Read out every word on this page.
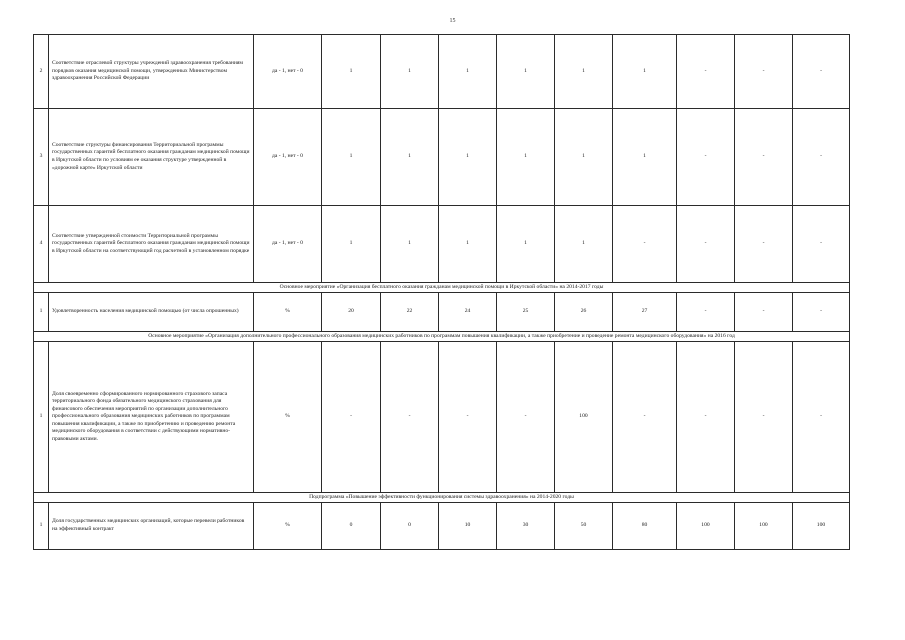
15
2	Соответствие отраслевой структуры учреждений здравоохранения требованиям порядков оказания медицинской помощи, утвержденных Министерством здравоохранения Российской Федерации	да - 1, нет - 0	1	1	1	1	1	1	-	-	-
3	Соответствие структуры финансирования Территориальной программы государственных гарантий бесплатного оказания гражданам медицинской помощи в Иркутской области по условиям ее оказания структуре утвержденной в «дорожной карте» Иркутской области	да - 1, нет - 0	1	1	1	1	1	1	-	-	-
4	Соответствие утвержденной стоимости Территориальной программы государственных гарантий бесплатного оказания гражданам медицинской помощи в Иркутской области на соответствующий год расчетной в установленном порядке	да - 1, нет - 0	1	1	1	1	1	-	-	-	-
Основное мероприятие «Организация бесплатного оказания гражданам медицинской помощи в Иркутской области» на 2014-2017 годы											
1	Удовлетворенность населения медицинской помощью (от числа опрошенных)	%	20	22	24	25	26	27	-	-	-
Основное мероприятие «Организация дополнительного профессионального образования медицинских работников по программам повышения квалификации, а также приобретение и проведение ремонта медицинского оборудования» на 2016 год											
1	Доля своевременно сформированного нормированного страхового запаса территориального фонда обязательного медицинского страхования для финансового обеспечения мероприятий по организации дополнительного профессионального образования медицинских работников по программам повышения квалификации, а также по приобретению и проведению ремонта медицинского оборудования в соответствии с действующими нормативно-правовыми актами.	%	-	-	-	-	100	-	-	-	-
Подпрограмма «Повышение эффективности функционирования системы здравоохранения» на 2014-2020 годы											
1	Доля государственных медицинских организаций, которые перевели работников на эффективный контракт	%	0	0	10	30	50	80	100	100	100
